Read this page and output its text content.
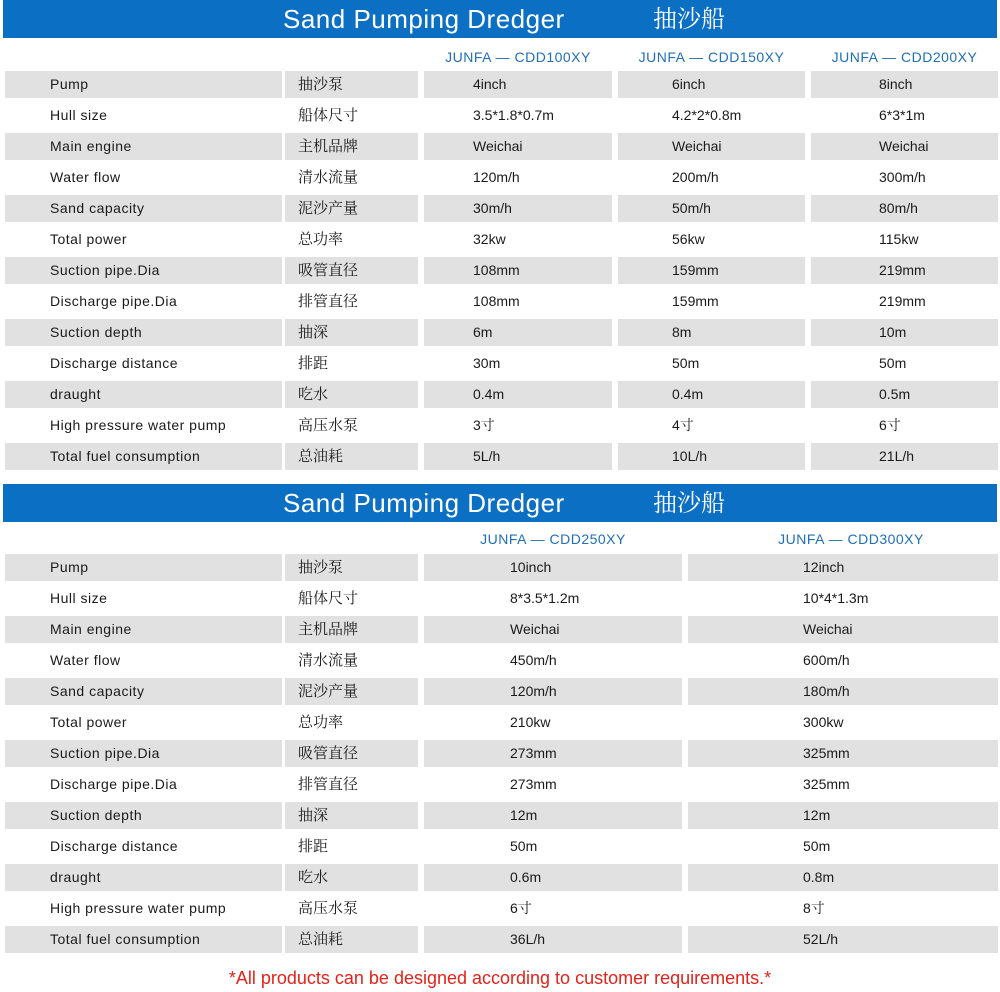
Sand Pumping Dredger	抽沙船
JUNFA — CDD100XY	JUNFA — CDD150XY	JUNFA — CDD200XY
Pump	抽沙泵	4inch	6inch	8inch
Hull size	船体尺寸	3.5*1.8*0.7m	4.2*2*0.8m	6*3*1m
Main engine	主机品牌	Weichai	Weichai	Weichai
Water flow	清水流量	120m/h	200m/h	300m/h
Sand capacity	泥沙产量	30m/h	50m/h	80m/h
Total power	总功率	32kw	56kw	115kw
Suction pipe.Dia	吸管直径	108mm	159mm	219mm
Discharge pipe.Dia	排管直径	108mm	159mm	219mm
Suction depth	抽深	6m	8m	10m
Discharge distance	排距	30m	50m	50m
draught	吃水	0.4m	0.4m	0.5m
High pressure water pump	高压水泵	3寸	4寸	6寸
Total fuel consumption	总油耗	5L/h	10L/h	21L/h
Sand Pumping Dredger	抽沙船
JUNFA — CDD250XY	JUNFA — CDD300XY
Pump	抽沙泵	10inch	12inch
Hull size	船体尺寸	8*3.5*1.2m	10*4*1.3m
Main engine	主机品牌	Weichai	Weichai
Water flow	清水流量	450m/h	600m/h
Sand capacity	泥沙产量	120m/h	180m/h
Total power	总功率	210kw	300kw
Suction pipe.Dia	吸管直径	273mm	325mm
Discharge pipe.Dia	排管直径	273mm	325mm
Suction depth	抽深	12m	12m
Discharge distance	排距	50m	50m
draught	吃水	0.6m	0.8m
High pressure water pump	高压水泵	6寸	8寸
Total fuel consumption	总油耗	36L/h	52L/h
*All products can be designed according to customer requirements.*
